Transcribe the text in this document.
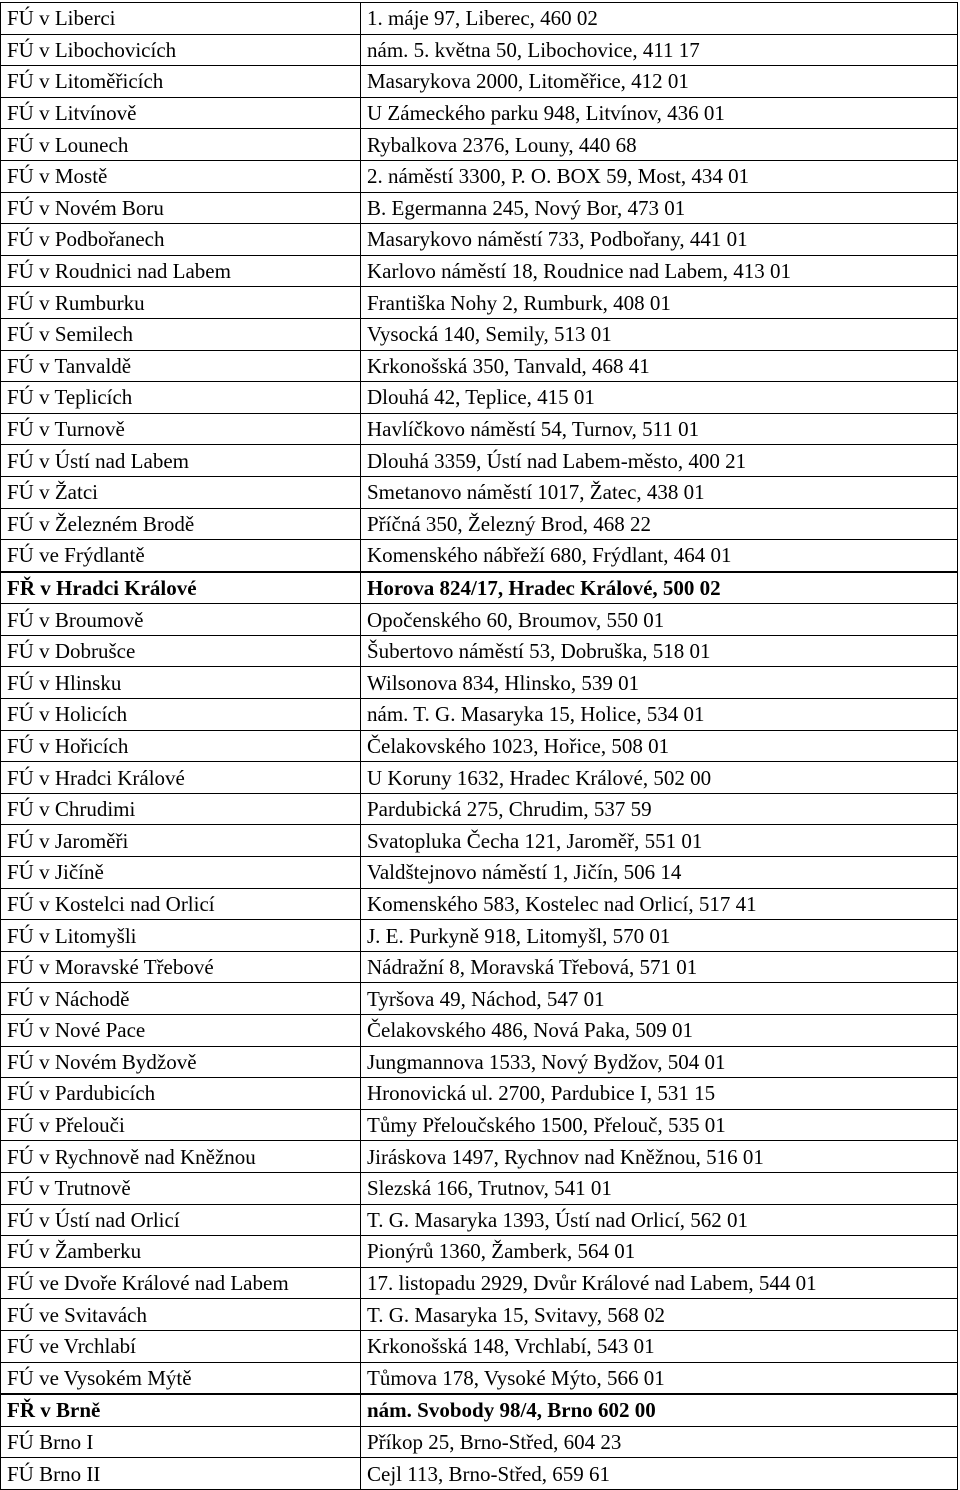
FÚ v Liberci	1. máje 97, Liberec, 460 02
FÚ v Libochovicích	nám. 5. května 50, Libochovice, 411 17
FÚ v Litoměřicích	Masarykova 2000, Litoměřice, 412 01
FÚ v Litvínově	U Zámeckého parku 948, Litvínov, 436 01
FÚ v Lounech	Rybalkova 2376, Louny, 440 68
FÚ v Mostě	2. náměstí 3300, P. O. BOX 59, Most, 434 01
FÚ v Novém Boru	B. Egermanna 245, Nový Bor, 473 01
FÚ v Podbořanech	Masarykovo náměstí 733, Podbořany, 441 01
FÚ v Roudnici nad Labem	Karlovo náměstí 18, Roudnice nad Labem, 413 01
FÚ v Rumburku	Františka Nohy 2, Rumburk, 408 01
FÚ v Semilech	Vysocká 140, Semily, 513 01
FÚ v Tanvaldě	Krkonošská 350, Tanvald, 468 41
FÚ v Teplicích	Dlouhá 42, Teplice, 415 01
FÚ v Turnově	Havlíčkovo náměstí 54, Turnov, 511 01
FÚ v Ústí nad Labem	Dlouhá 3359, Ústí nad Labem-město, 400 21
FÚ v Žatci	Smetanovo náměstí 1017, Žatec, 438 01
FÚ v Železném Brodě	Příčná 350, Železný Brod, 468 22
FÚ ve Frýdlantě	Komenského nábřeží 680, Frýdlant, 464 01
FŘ v Hradci Králové	Horova 824/17, Hradec Králové, 500 02
FÚ v Broumově	Opočenského 60, Broumov, 550 01
FÚ v Dobrušce	Šubertovo náměstí 53, Dobruška, 518 01
FÚ v Hlinsku	Wilsonova 834, Hlinsko, 539 01
FÚ v Holicích	nám. T. G. Masaryka 15, Holice, 534 01
FÚ v Hořicích	Čelakovského 1023, Hořice, 508 01
FÚ v Hradci Králové	U Koruny 1632, Hradec Králové, 502 00
FÚ v Chrudimi	Pardubická 275, Chrudim, 537 59
FÚ v Jaroměři	Svatopluka Čecha 121, Jaroměř, 551 01
FÚ v Jičíně	Valdštejnovo náměstí 1, Jičín, 506 14
FÚ v Kostelci nad Orlicí	Komenského 583, Kostelec nad Orlicí, 517 41
FÚ v Litomyšli	J. E. Purkyně 918, Litomyšl, 570 01
FÚ v Moravské Třebové	Nádražní 8, Moravská Třebová, 571 01
FÚ v Náchodě	Tyršova 49, Náchod, 547 01
FÚ v Nové Pace	Čelakovského 486, Nová Paka, 509 01
FÚ v Novém Bydžově	Jungmannova 1533, Nový Bydžov, 504 01
FÚ v Pardubicích	Hronovická ul. 2700, Pardubice I, 531 15
FÚ v Přelouči	Tůmy Přeloučského 1500, Přelouč, 535 01
FÚ v Rychnově nad Kněžnou	Jiráskova 1497, Rychnov nad Kněžnou, 516 01
FÚ v Trutnově	Slezská 166, Trutnov, 541 01
FÚ v Ústí nad Orlicí	T. G. Masaryka 1393, Ústí nad Orlicí, 562 01
FÚ v Žamberku	Pionýrů 1360, Žamberk, 564 01
FÚ ve Dvoře Králové nad Labem	17. listopadu 2929, Dvůr Králové nad Labem, 544 01
FÚ ve Svitavách	T. G. Masaryka 15, Svitavy, 568 02
FÚ ve Vrchlabí	Krkonošská 148, Vrchlabí, 543 01
FÚ ve Vysokém Mýtě	Tůmova 178, Vysoké Mýto, 566 01
FŘ v Brně	nám. Svobody 98/4, Brno 602 00
FÚ Brno I	Příkop 25, Brno-Střed, 604 23
FÚ Brno II	Cejl 113, Brno-Střed, 659 61
